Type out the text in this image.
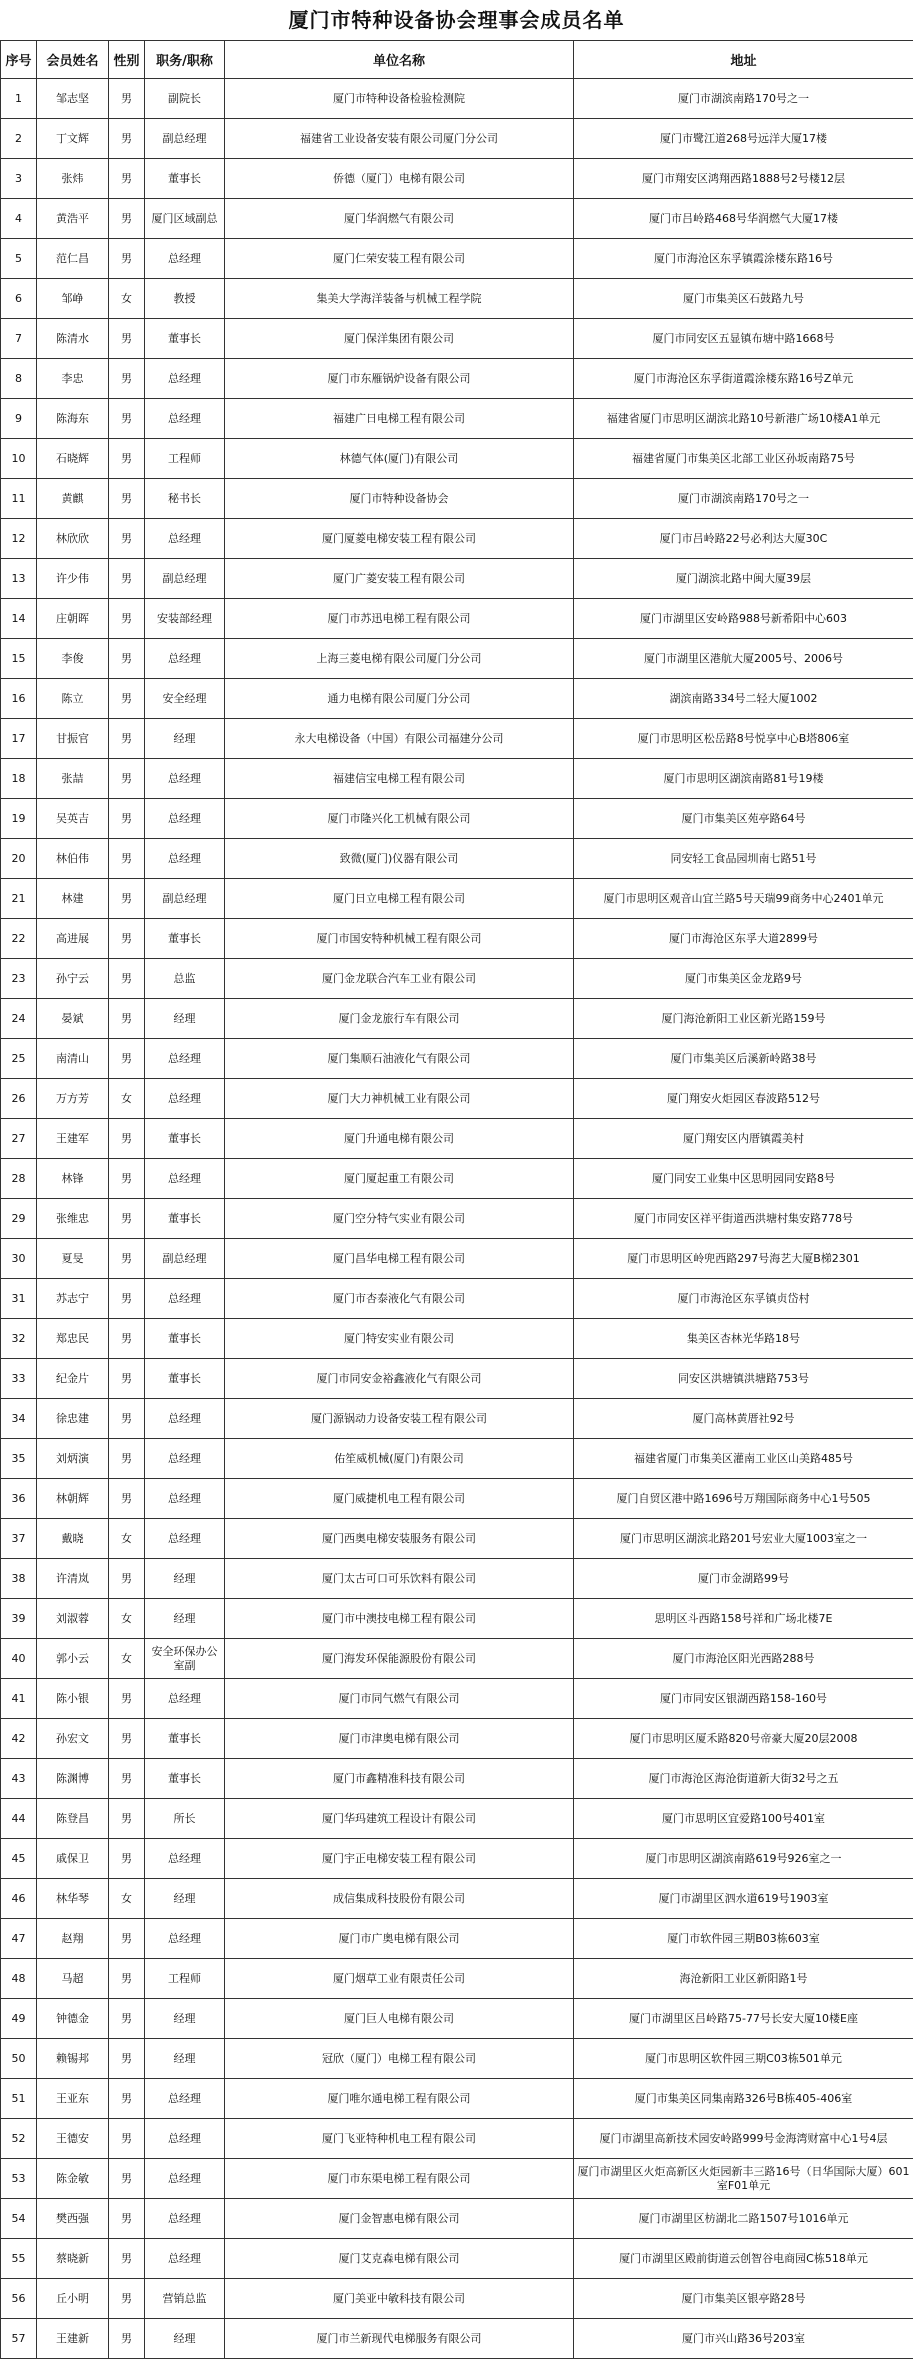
厦门市特种设备协会理事会成员名单
序号	会员姓名	性别	职务/职称	单位名称	地址
1	邹志坚	男	副院长	厦门市特种设备检验检测院	厦门市湖滨南路170号之一
2	丁文辉	男	副总经理	福建省工业设备安装有限公司厦门分公司	厦门市鹭江道268号远洋大厦17楼
3	张炜	男	董事长	侨德（厦门）电梯有限公司	厦门市翔安区鸿翔西路1888号2号楼12层
4	黄浩平	男	厦门区域副总	厦门华润燃气有限公司	厦门市吕岭路468号华润燃气大厦17楼
5	范仁昌	男	总经理	厦门仁荣安装工程有限公司	厦门市海沧区东孚镇霞涂楼东路16号
6	邹峥	女	教授	集美大学海洋装备与机械工程学院	厦门市集美区石鼓路九号
7	陈清水	男	董事长	厦门保洋集团有限公司	厦门市同安区五显镇布塘中路1668号
8	李忠	男	总经理	厦门市东雁锅炉设备有限公司	厦门市海沧区东孚街道霞涂楼东路16号Z单元
9	陈海东	男	总经理	福建广日电梯工程有限公司	福建省厦门市思明区湖滨北路10号新港广场10楼A1单元
10	石晓辉	男	工程师	林德气体(厦门)有限公司	福建省厦门市集美区北部工业区孙坂南路75号
11	黄麒	男	秘书长	厦门市特种设备协会	厦门市湖滨南路170号之一
12	林欣欣	男	总经理	厦门厦菱电梯安装工程有限公司	厦门市吕岭路22号必利达大厦30C
13	许少伟	男	副总经理	厦门广菱安装工程有限公司	厦门湖滨北路中闽大厦39层
14	庄朝晖	男	安装部经理	厦门市苏迅电梯工程有限公司	厦门市湖里区安岭路988号新希阳中心603
15	李俊	男	总经理	上海三菱电梯有限公司厦门分公司	厦门市湖里区港航大厦2005号、2006号
16	陈立	男	安全经理	通力电梯有限公司厦门分公司	湖滨南路334号二轻大厦1002
17	甘振官	男	经理	永大电梯设备（中国）有限公司福建分公司	厦门市思明区松岳路8号悦享中心B塔806室
18	张喆	男	总经理	福建信宝电梯工程有限公司	厦门市思明区湖滨南路81号19楼
19	吴英吉	男	总经理	厦门市隆兴化工机械有限公司	厦门市集美区苑亭路64号
20	林伯伟	男	总经理	致微(厦门)仪器有限公司	同安轻工食品园圳南七路51号
21	林建	男	副总经理	厦门日立电梯工程有限公司	厦门市思明区观音山宜兰路5号天瑞99商务中心2401单元
22	高进展	男	董事长	厦门市国安特种机械工程有限公司	厦门市海沧区东孚大道2899号
23	孙宁云	男	总监	厦门金龙联合汽车工业有限公司	厦门市集美区金龙路9号
24	晏斌	男	经理	厦门金龙旅行车有限公司	厦门海沧新阳工业区新光路159号
25	南清山	男	总经理	厦门集顺石油液化气有限公司	厦门市集美区后溪新岭路38号
26	万方芳	女	总经理	厦门大力神机械工业有限公司	厦门翔安火炬园区春波路512号
27	王建军	男	董事长	厦门升通电梯有限公司	厦门翔安区内厝镇霞美村
28	林锋	男	总经理	厦门厦起重工有限公司	厦门同安工业集中区思明园同安路8号
29	张维忠	男	董事长	厦门空分特气实业有限公司	厦门市同安区祥平街道西洪塘村集安路778号
30	夏旻	男	副总经理	厦门昌华电梯工程有限公司	厦门市思明区岭兜西路297号海艺大厦B梯2301
31	苏志宁	男	总经理	厦门市杏泰液化气有限公司	厦门市海沧区东孚镇贞岱村
32	郑忠民	男	董事长	厦门特安实业有限公司	集美区杏林光华路18号
33	纪金片	男	董事长	厦门市同安金裕鑫液化气有限公司	同安区洪塘镇洪塘路753号
34	徐忠建	男	总经理	厦门源锅动力设备安装工程有限公司	厦门高林黄厝社92号
35	刘炳演	男	总经理	佑笙威机械(厦门)有限公司	福建省厦门市集美区灌南工业区山美路485号
36	林朝辉	男	总经理	厦门威捷机电工程有限公司	厦门自贸区港中路1696号万翔国际商务中心1号505
37	戴晓	女	总经理	厦门西奥电梯安装服务有限公司	厦门市思明区湖滨北路201号宏业大厦1003室之一
38	许清岚	男	经理	厦门太古可口可乐饮料有限公司	厦门市金湖路99号
39	刘淑蓉	女	经理	厦门市中澳技电梯工程有限公司	思明区斗西路158号祥和广场北楼7E
40	郭小云	女	安全环保办公室副	厦门海发环保能源股份有限公司	厦门市海沧区阳光西路288号
41	陈小银	男	总经理	厦门市同气燃气有限公司	厦门市同安区银湖西路158-160号
42	孙宏文	男	董事长	厦门市津奥电梯有限公司	厦门市思明区厦禾路820号帝豪大厦20层2008
43	陈渊博	男	董事长	厦门市鑫精准科技有限公司	厦门市海沧区海沧街道新大街32号之五
44	陈登昌	男	所长	厦门华玛建筑工程设计有限公司	厦门市思明区宜爱路100号401室
45	戚保卫	男	总经理	厦门宇正电梯安装工程有限公司	厦门市思明区湖滨南路619号926室之一
46	林华琴	女	经理	成信集成科技股份有限公司	厦门市湖里区泗水道619号1903室
47	赵翔	男	总经理	厦门市广奥电梯有限公司	厦门市软件园三期B03栋603室
48	马超	男	工程师	厦门烟草工业有限责任公司	海沧新阳工业区新阳路1号
49	钟德金	男	经理	厦门巨人电梯有限公司	厦门市湖里区吕岭路75-77号长安大厦10楼E座
50	赖锡邦	男	经理	冠欣（厦门）电梯工程有限公司	厦门市思明区软件园三期C03栋501单元
51	王亚东	男	总经理	厦门唯尔通电梯工程有限公司	厦门市集美区同集南路326号B栋405-406室
52	王德安	男	总经理	厦门飞亚特种机电工程有限公司	厦门市湖里高新技术园安岭路999号金海湾财富中心1号4层
53	陈金敏	男	总经理	厦门市东渠电梯工程有限公司	厦门市湖里区火炬高新区火炬园新丰三路16号（日华国际大厦）601室F01单元
54	樊西强	男	总经理	厦门金智惠电梯有限公司	厦门市湖里区枋湖北二路1507号1016单元
55	蔡晓新	男	总经理	厦门艾克森电梯有限公司	厦门市湖里区殿前街道云创智谷电商园C栋518单元
56	丘小明	男	营销总监	厦门美亚中敏科技有限公司	厦门市集美区银亭路28号
57	王建新	男	经理	厦门市兰新现代电梯服务有限公司	厦门市兴山路36号203室
